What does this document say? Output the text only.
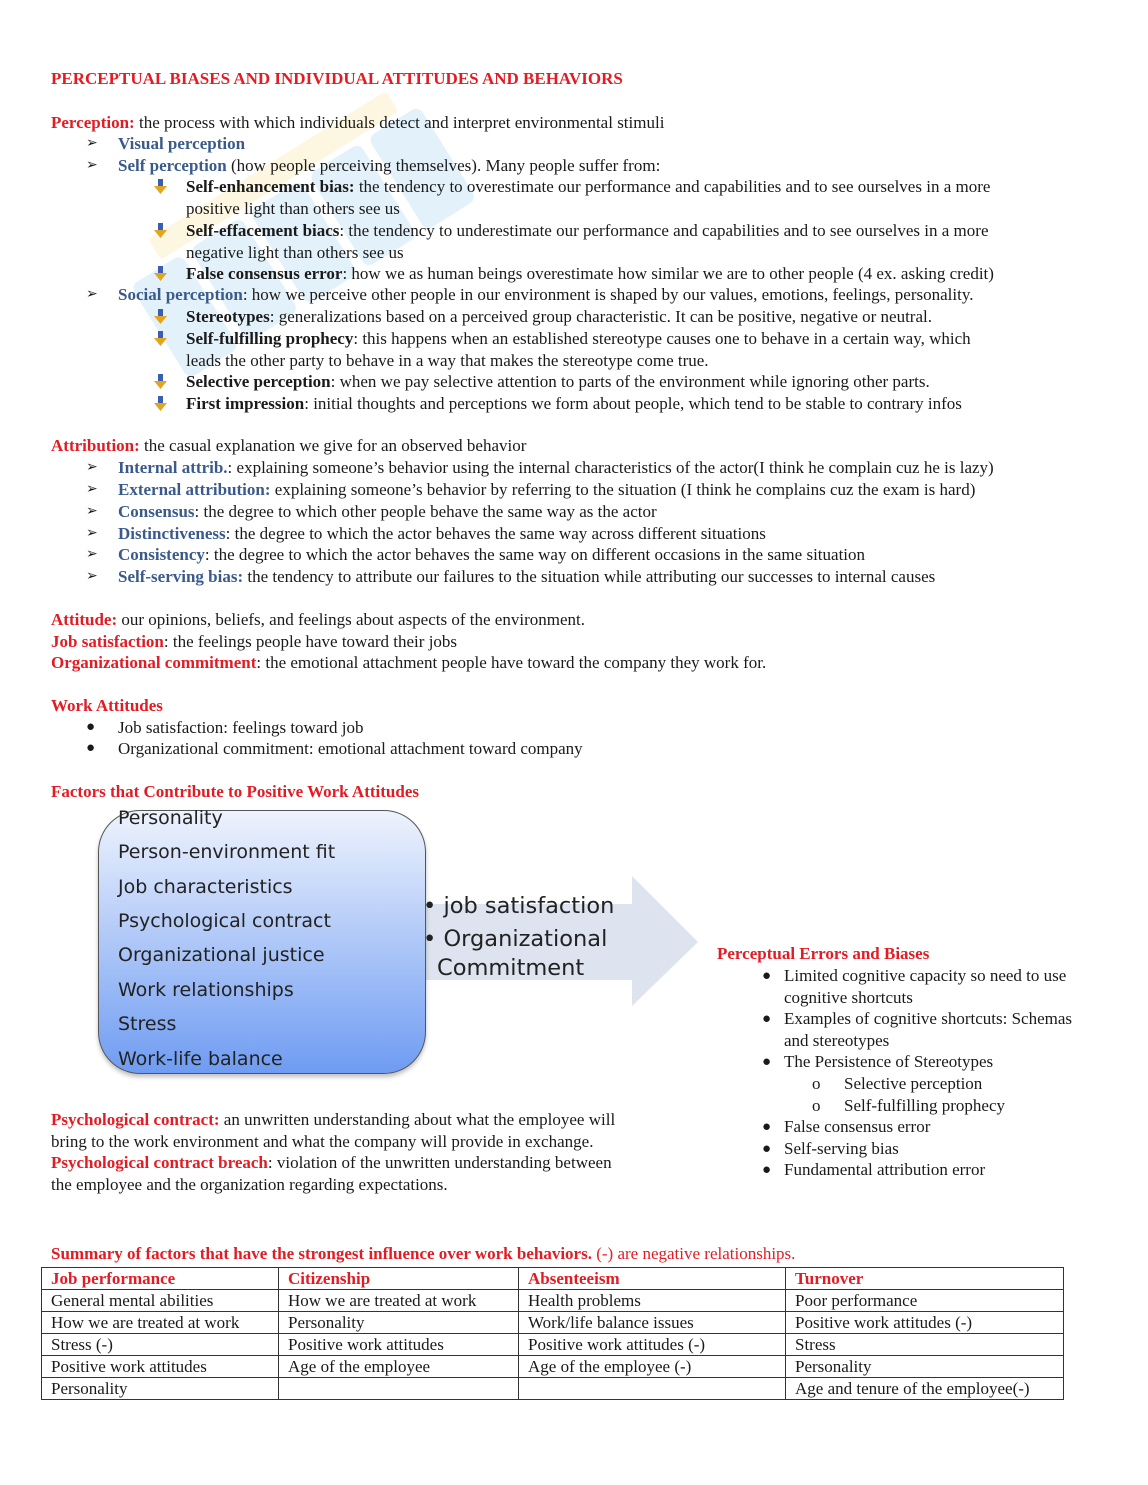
PERCEPTUAL BIASES AND INDIVIDUAL ATTITUDES AND BEHAVIORS
Perception: the process with which individuals detect and interpret environmental stimuli
➢ Visual perception
➢ Self perception (how people perceiving themselves). Many people suffer from:
Self-enhancement bias: the tendency to overestimate our performance and capabilities and to see ourselves in a more
positive light than others see us
Self-effacement biacs: the tendency to underestimate our performance and capabilities and to see ourselves in a more
negative light than others see us
False consensus error: how we as human beings overestimate how similar we are to other people (4 ex. asking credit)
➢ Social perception: how we perceive other people in our environment is shaped by our values, emotions, feelings, personality.
Stereotypes: generalizations based on a perceived group characteristic. It can be positive, negative or neutral.
Self-fulfilling prophecy: this happens when an established stereotype causes one to behave in a certain way, which
leads the other party to behave in a way that makes the stereotype come true.
Selective perception: when we pay selective attention to parts of the environment while ignoring other parts.
First impression: initial thoughts and perceptions we form about people, which tend to be stable to contrary infos
Attribution: the casual explanation we give for an observed behavior
➢ Internal attrib.: explaining someone’s behavior using the internal characteristics of the actor(I think he complain cuz he is lazy)
➢ External attribution: explaining someone’s behavior by referring to the situation (I think he complains cuz the exam is hard)
➢ Consensus: the degree to which other people behave the same way as the actor
➢ Distinctiveness: the degree to which the actor behaves the same way across different situations
➢ Consistency: the degree to which the actor behaves the same way on different occasions in the same situation
➢ Self-serving bias: the tendency to attribute our failures to the situation while attributing our successes to internal causes
Attitude: our opinions, beliefs, and feelings about aspects of the environment.
Job satisfaction: the feelings people have toward their jobs
Organizational commitment: the emotional attachment people have toward the company they work for.
Work Attitudes
● Job satisfaction: feelings toward job
● Organizational commitment: emotional attachment toward company
Factors that Contribute to Positive Work Attitudes
Personality
Person-environment fit
Job characteristics
Psychological contract
Organizational justice
Work relationships
Stress
Work-life balance
• job satisfaction
• Organizational
Commitment
Perceptual Errors and Biases
● Limited cognitive capacity so need to use
cognitive shortcuts
● Examples of cognitive shortcuts: Schemas
and stereotypes
● The Persistence of Stereotypes
o Selective perception
o Self-fulfilling prophecy
● False consensus error
● Self-serving bias
● Fundamental attribution error
Psychological contract: an unwritten understanding about what the employee will
bring to the work environment and what the company will provide in exchange.
Psychological contract breach: violation of the unwritten understanding between
the employee and the organization regarding expectations.
Summary of factors that have the strongest influence over work behaviors. (-) are negative relationships.
Job performance	Citizenship	Absenteeism	Turnover
General mental abilities	How we are treated at work	Health problems	Poor performance
How we are treated at work	Personality	Work/life balance issues	Positive work attitudes (-)
Stress (-)	Positive work attitudes	Positive work attitudes (-)	Stress
Positive work attitudes	Age of the employee	Age of the employee (-)	Personality
Personality			Age and tenure of the employee(-)
